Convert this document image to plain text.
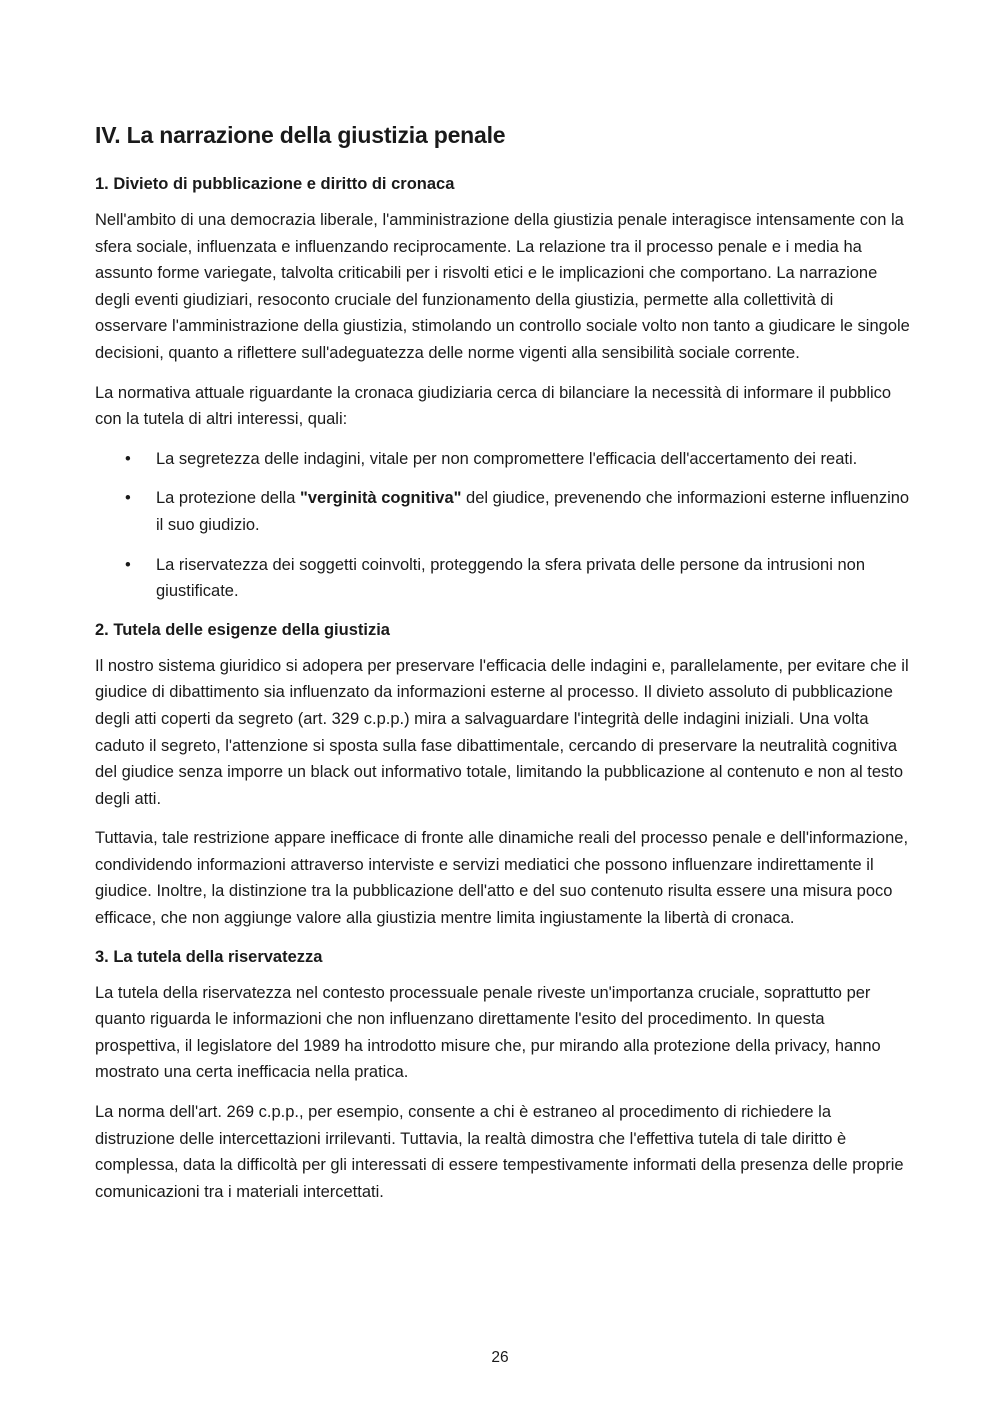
IV. La narrazione della giustizia penale
1. Divieto di pubblicazione e diritto di cronaca

Nell'ambito di una democrazia liberale, l'amministrazione della giustizia penale interagisce intensamente con la sfera sociale, influenzata e influenzando reciprocamente. La relazione tra il processo penale e i media ha assunto forme variegate, talvolta criticabili per i risvolti etici e le implicazioni che comportano. La narrazione degli eventi giudiziari, resoconto cruciale del funzionamento della giustizia, permette alla collettività di osservare l'amministrazione della giustizia, stimolando un controllo sociale volto non tanto a giudicare le singole decisioni, quanto a riflettere sull'adeguatezza delle norme vigenti alla sensibilità sociale corrente.

La normativa attuale riguardante la cronaca giudiziaria cerca di bilanciare la necessità di informare il pubblico con la tutela di altri interessi, quali:

• La segretezza delle indagini, vitale per non compromettere l'efficacia dell'accertamento dei reati.
• La protezione della "verginità cognitiva" del giudice, prevenendo che informazioni esterne influenzino il suo giudizio.
• La riservatezza dei soggetti coinvolti, proteggendo la sfera privata delle persone da intrusioni non giustificate.
2. Tutela delle esigenze della giustizia

Il nostro sistema giuridico si adopera per preservare l'efficacia delle indagini e, parallelamente, per evitare che il giudice di dibattimento sia influenzato da informazioni esterne al processo. Il divieto assoluto di pubblicazione degli atti coperti da segreto (art. 329 c.p.p.) mira a salvaguardare l'integrità delle indagini iniziali. Una volta caduto il segreto, l'attenzione si sposta sulla fase dibattimentale, cercando di preservare la neutralità cognitiva del giudice senza imporre un black out informativo totale, limitando la pubblicazione al contenuto e non al testo degli atti.

Tuttavia, tale restrizione appare inefficace di fronte alle dinamiche reali del processo penale e dell'informazione, condividendo informazioni attraverso interviste e servizi mediatici che possono influenzare indirettamente il giudice. Inoltre, la distinzione tra la pubblicazione dell'atto e del suo contenuto risulta essere una misura poco efficace, che non aggiunge valore alla giustizia mentre limita ingiustamente la libertà di cronaca.

3. La tutela della riservatezza

La tutela della riservatezza nel contesto processuale penale riveste un'importanza cruciale, soprattutto per quanto riguarda le informazioni che non influenzano direttamente l'esito del procedimento. In questa prospettiva, il legislatore del 1989 ha introdotto misure che, pur mirando alla protezione della privacy, hanno mostrato una certa inefficacia nella pratica.

La norma dell'art. 269 c.p.p., per esempio, consente a chi è estraneo al procedimento di richiedere la distruzione delle intercettazioni irrilevanti. Tuttavia, la realtà dimostra che l'effettiva tutela di tale diritto è complessa, data la difficoltà per gli interessati di essere tempestivamente informati della presenza delle proprie comunicazioni tra i materiali intercettati.

26
